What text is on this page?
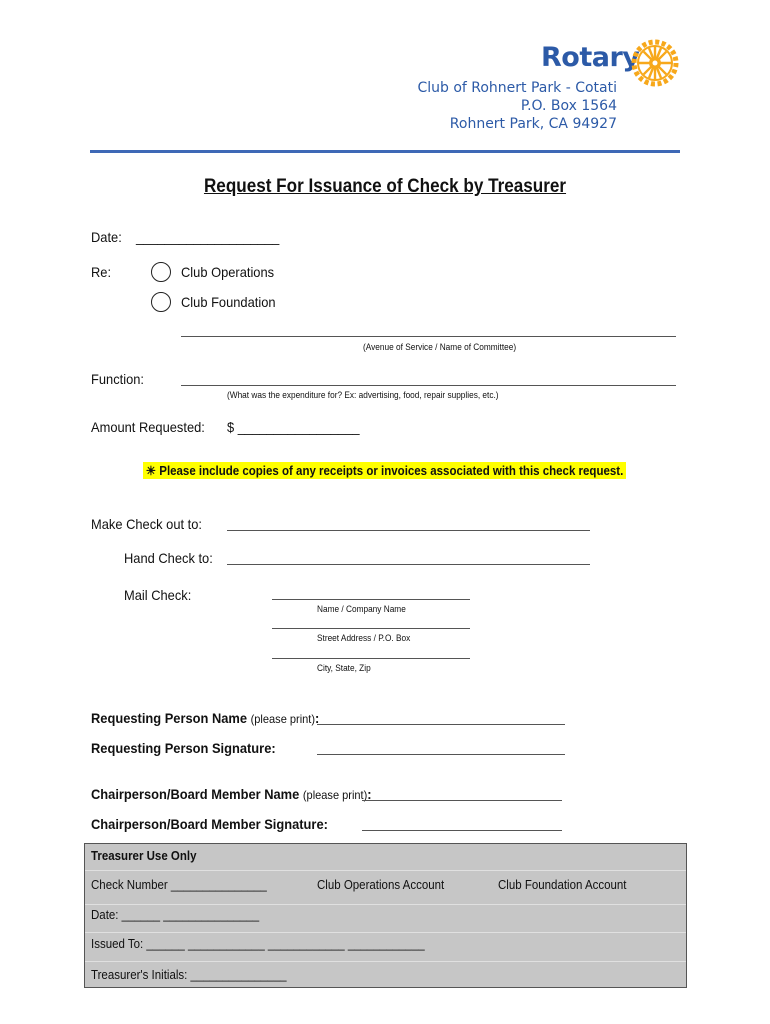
Rotary
Club of Rohnert Park - Cotati
P.O. Box 1564
Rohnert Park, CA 94927
Request For Issuance of Check by Treasurer
Date: ____________________
Re:	Club Operations
Club Foundation
(Avenue of Service / Name of Committee)
Function:
(What was the expenditure for? Ex: advertising, food, repair supplies, etc.)
Amount Requested: $ _________________
☀ Please include copies of any receipts or invoices associated with this check request.
Make Check out to:
Hand Check to:
Mail Check:
Name / Company Name
Street Address / P.O. Box
City, State, Zip
Requesting Person Name (please print):
Requesting Person Signature:
Chairperson/Board Member Name (please print):
Chairperson/Board Member Signature:
Treasurer Use Only
Check Number _______________	Club Operations Account	Club Foundation Account
Date: ______ _______________
Issued To: ______ ____________ ____________ ____________
Treasurer's Initials: _______________
